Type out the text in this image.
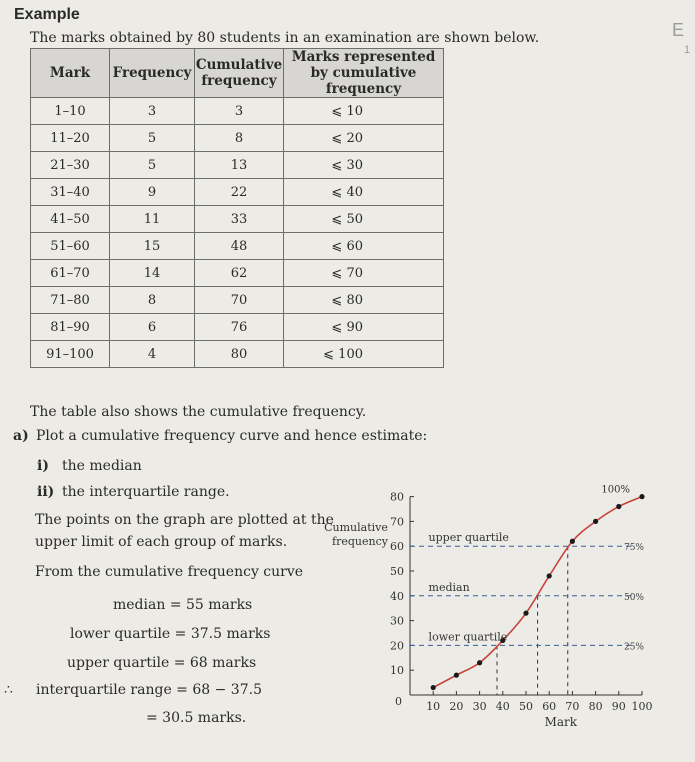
Example
The marks obtained by 80 students in an examination are shown below.	E
1
Mark	Frequency	Cumulative frequency	Marks represented by cumulative frequency
1–10	3	3	⩽ 10
11–20	5	8	⩽ 20
21–30	5	13	⩽ 30
31–40	9	22	⩽ 40
41–50	11	33	⩽ 50
51–60	15	48	⩽ 60
61–70	14	62	⩽ 70
71–80	8	70	⩽ 80
81–90	6	76	⩽ 90
91–100	4	80	⩽ 100
The table also shows the cumulative frequency.
a) Plot a cumulative frequency curve and hence estimate:
i) the median
ii) the interquartile range.
The points on the graph are plotted at the
upper limit of each group of marks.
From the cumulative frequency curve
median = 55 marks
lower quartile = 37.5 marks
upper quartile = 68 marks
∴ interquartile range = 68 − 37.5
= 30.5 marks.
10 20 30 40 50 60 70 80 90 100
10
20
30
40
50
60
70
80
0
Cumulative
frequency
Mark
upper quartile
75%
median
50%
lower quartile
25%
100%
